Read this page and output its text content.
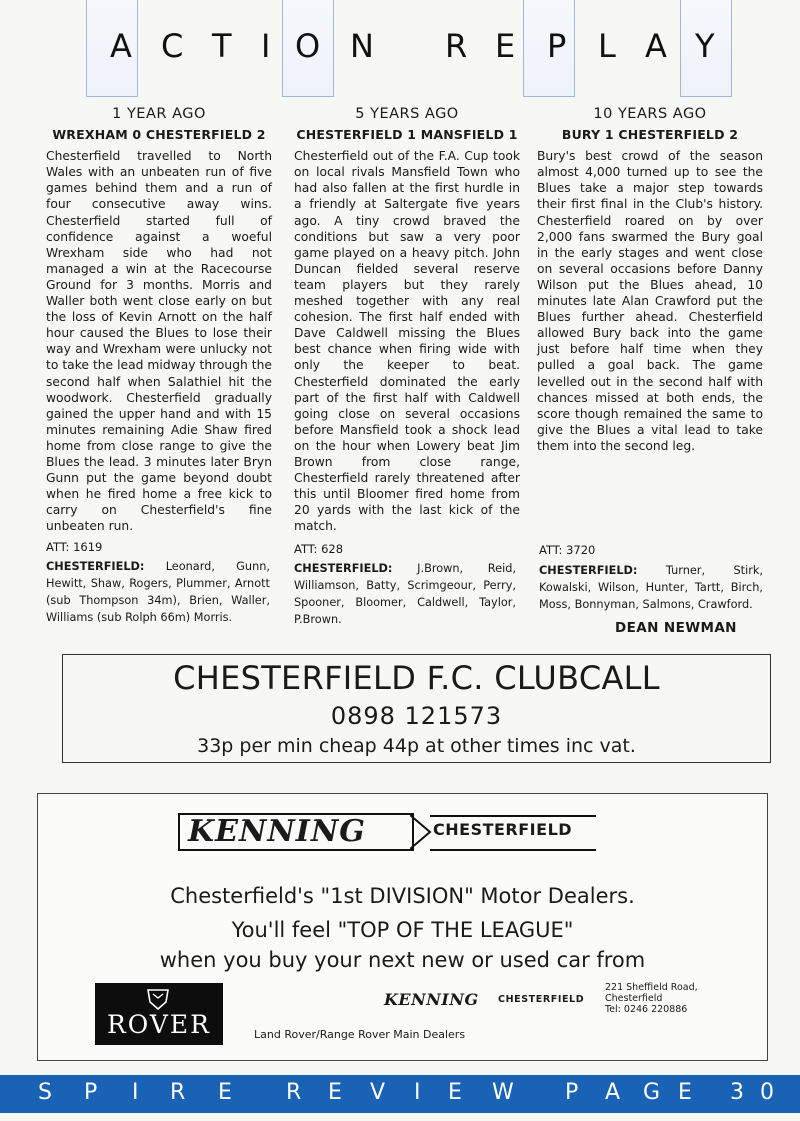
A C T I O N R E P L A Y
1 YEAR AGO
WREXHAM 0 CHESTERFIELD 2
Chesterfield travelled to North Wales with an unbeaten run of five games behind them and a run of four consecutive away wins. Chesterfield started full of confidence against a woeful Wrexham side who had not managed a win at the Racecourse Ground for 3 months. Morris and Waller both went close early on but the loss of Kevin Arnott on the half hour caused the Blues to lose their way and Wrexham were unlucky not to take the lead midway through the second half when Salathiel hit the woodwork. Chesterfield gradually gained the upper hand and with 15 minutes remaining Adie Shaw fired home from close range to give the Blues the lead. 3 minutes later Bryn Gunn put the game beyond doubt when he fired home a free kick to carry on Chesterfield's fine unbeaten run.
ATT: 1619
CHESTERFIELD: Leonard, Gunn, Hewitt, Shaw, Rogers, Plummer, Arnott (sub Thompson 34m), Brien, Waller, Williams (sub Rolph 66m) Morris.
5 YEARS AGO
CHESTERFIELD 1 MANSFIELD 1
Chesterfield out of the F.A. Cup took on local rivals Mansfield Town who had also fallen at the first hurdle in a friendly at Saltergate five years ago. A tiny crowd braved the conditions but saw a very poor game played on a heavy pitch. John Duncan fielded several reserve team players but they rarely meshed together with any real cohesion. The first half ended with Dave Caldwell missing the Blues best chance when firing wide with only the keeper to beat. Chesterfield dominated the early part of the first half with Caldwell going close on several occasions before Mansfield took a shock lead on the hour when Lowery beat Jim Brown from close range, Chesterfield rarely threatened after this until Bloomer fired home from 20 yards with the last kick of the match.
ATT: 628
CHESTERFIELD: J.Brown, Reid, Williamson, Batty, Scrimgeour, Perry, Spooner, Bloomer, Caldwell, Taylor, P.Brown.
10 YEARS AGO
BURY 1 CHESTERFIELD 2
Bury's best crowd of the season almost 4,000 turned up to see the Blues take a major step towards their first final in the Club's history. Chesterfield roared on by over 2,000 fans swarmed the Bury goal in the early stages and went close on several occasions before Danny Wilson put the Blues ahead, 10 minutes late Alan Crawford put the Blues further ahead. Chesterfield allowed Bury back into the game just before half time when they pulled a goal back. The game levelled out in the second half with chances missed at both ends, the score though remained the same to give the Blues a vital lead to take them into the second leg.
ATT: 3720
CHESTERFIELD:	Turner, Stirk, Kowalski, Wilson, Hunter, Tartt, Birch, Moss, Bonnyman, Salmons, Crawford.
DEAN NEWMAN
CHESTERFIELD F.C. CLUBCALL
0898 121573
33p per min cheap 44p at other times inc vat.
KENNING	CHESTERFIELD
Chesterfield's "1st DIVISION" Motor Dealers.
You'll feel "TOP OF THE LEAGUE"
when you buy your next new or used car from
ROVER
KENNING CHESTERFIELD
221 Sheffield Road,
Chesterfield
Tel: 0246 220886
Land Rover/Range Rover Main Dealers
S P I R E R E V I E W P A G E 3 0
